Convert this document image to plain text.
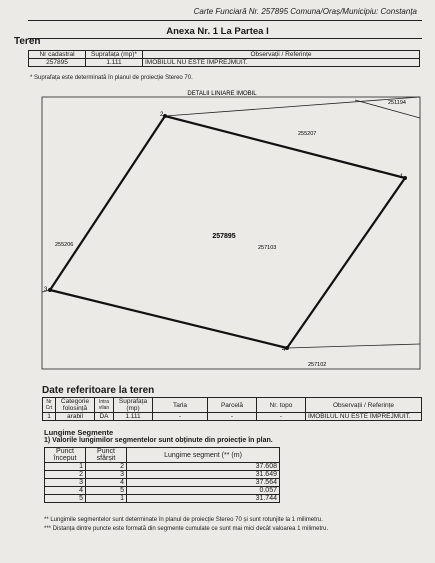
Carte Funciară Nr. 257895 Comuna/Oraș/Municipiu: Constanța
Anexa Nr. 1 La Partea I
Teren
Nr cadastral	Suprafața (mp)*	Observații / Referințe
257895	1.111	IMOBILUL NU ESTE ÎMPREJMUIT.
* Suprafața este determinată în planul de proiecție Stereo 70.
DETALII LINIARE IMOBIL
1
2
3
4
257895
251194
255207
255206	257103
257102
Date referitoare la teren
Nr Crt	Categorie folosință	Intra vilan	Suprafața (mp)	Tarla	Parcelă	Nr. topo	Observații / Referințe
1	arabil	DA	1.111	-	-	-	IMOBILUL NU ESTE ÎMPREJMUIT.
Lungime Segmente
1) Valorile lungimilor segmentelor sunt obținute din proiecție în plan.
Punct început	Punct sfârșit	Lungime segment (** (m)
1	2	37.608
2	3	31.649
3	4	37.564
4	5	0.057
5	1	31.744
** Lungimile segmentelor sunt determinate în planul de proiecție Stereo 70 și sunt rotunjite la 1 milimetru.
*** Distanța dintre puncte este formată din segmente cumulate ce sunt mai mici decât valoarea 1 milimetru.
